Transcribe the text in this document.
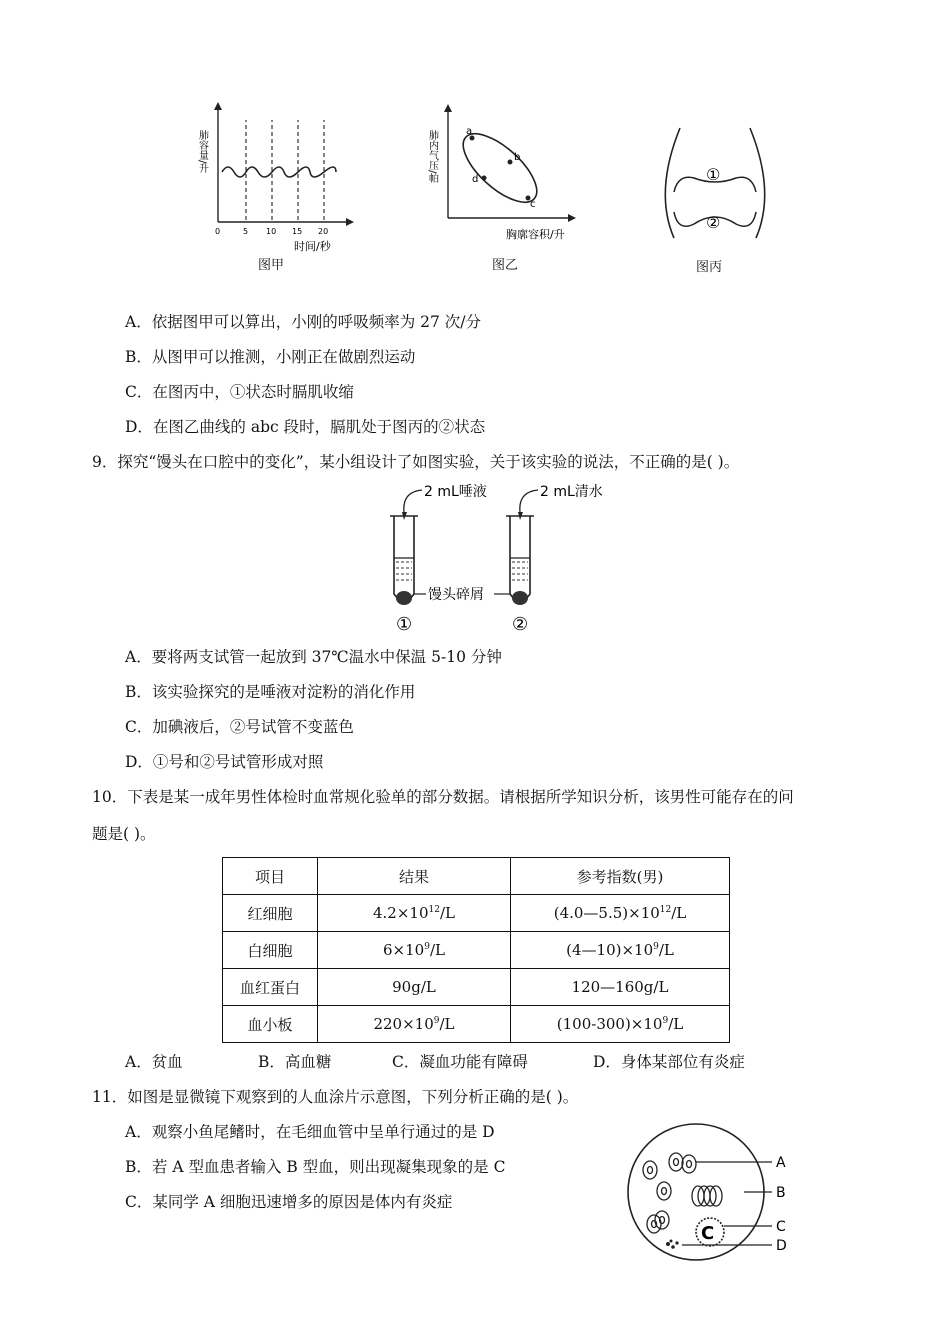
肺容量/升
0	5 10 15 20
时间/秒
图甲
a
b
c
d
肺内气压/帕
胸廓容积/升
图乙
①
②
图丙
A．依据图甲可以算出，小刚的呼吸频率为 27 次/分
B．从图甲可以推测，小刚正在做剧烈运动
C．在图丙中，①状态时膈肌收缩
D．在图乙曲线的 abc 段时，膈肌处于图丙的②状态
9．探究“馒头在口腔中的变化”，某小组设计了如图实验，关于该实验的说法，不正确的是( )。
2 mL唾液	2 mL清水
馒头碎屑
①	②
A．要将两支试管一起放到 37℃温水中保温 5-10 分钟
B．该实验探究的是唾液对淀粉的消化作用
C．加碘液后，②号试管不变蓝色
D．①号和②号试管形成对照
10．下表是某一成年男性体检时血常规化验单的部分数据。请根据所学知识分析，该男性可能存在的问
题是( )。
项目	结果	参考指数(男)
红细胞	$4.2\times 10^{12}/L$	$(4.0—5.5)\times 10^{12}/L$
白细胞	$6\times 10^9/L$	$(4—10)\times 10^9/L$
血红蛋白	90g/L	120—160g/L
血小板	$220\times 10^9/L$	$(100-300)\times 10^9/L$
A．贫血	B．高血糖	C．凝血功能有障碍	D．身体某部位有炎症
11．如图是显微镜下观察到的人血涂片示意图，下列分析正确的是( )。
A．观察小鱼尾鳍时，在毛细血管中呈单行通过的是 D
B．若 A 型血患者输入 B 型血，则出现凝集现象的是 C
C．某同学 A 细胞迅速增多的原因是体内有炎症
C
A
B
C
D
